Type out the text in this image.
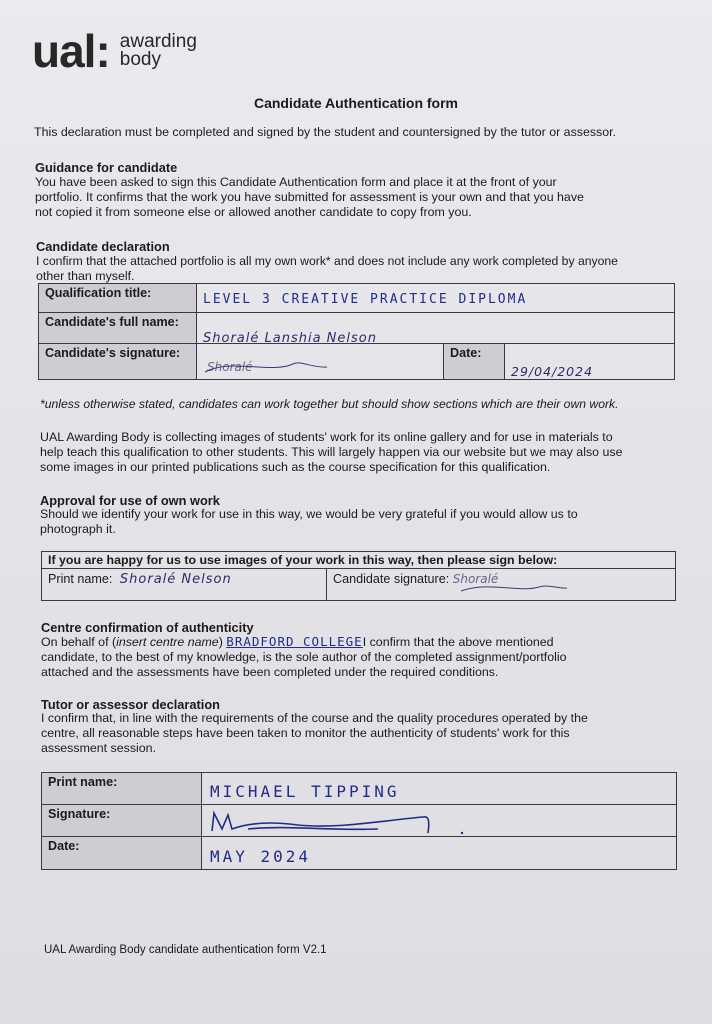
ual: awarding
body
Candidate Authentication form
This declaration must be completed and signed by the student and countersigned by the tutor or assessor.
Guidance for candidate
You have been asked to sign this Candidate Authentication form and place it at the front of your
portfolio. It confirms that the work you have submitted for assessment is your own and that you have
not copied it from someone else or allowed another candidate to copy from you.
Candidate declaration
I confirm that the attached portfolio is all my own work* and does not include any work completed by anyone
other than myself.
Qualification title:	LEVEL 3 CREATIVE PRACTICE DIPLOMA		

Candidate's full name:	Shoralé Lanshia Nelson		

Candidate's signature:	Shoralé	Date:	29/04/2024
*unless otherwise stated, candidates can work together but should show sections which are their own work.
UAL Awarding Body is collecting images of students' work for its online gallery and for use in materials to
help teach this qualification to other students. This will largely happen via our website but we may also use
some images in our printed publications such as the course specification for this qualification.
Approval for use of own work
Should we identify your work for use in this way, we would be very grateful if you would allow us to
photograph it.
If you are happy for us to use images of your work in this way, then please sign below:
Print name: Shoralé Nelson	Candidate signature: Shoralé
Centre confirmation of authenticity
On behalf of (insert centre name) BRADFORD COLLEGEI confirm that the above mentioned
candidate, to the best of my knowledge, is the sole author of the completed assignment/portfolio
attached and the assessments have been completed under the required conditions.
Tutor or assessor declaration
I confirm that, in line with the requirements of the course and the quality procedures operated by the
centre, all reasonable steps have been taken to monitor the authenticity of students' work for this
assessment session.
Print name:	MICHAEL TIPPING

Signature:	

Date:	MAY 2024
UAL Awarding Body candidate authentication form V2.1
